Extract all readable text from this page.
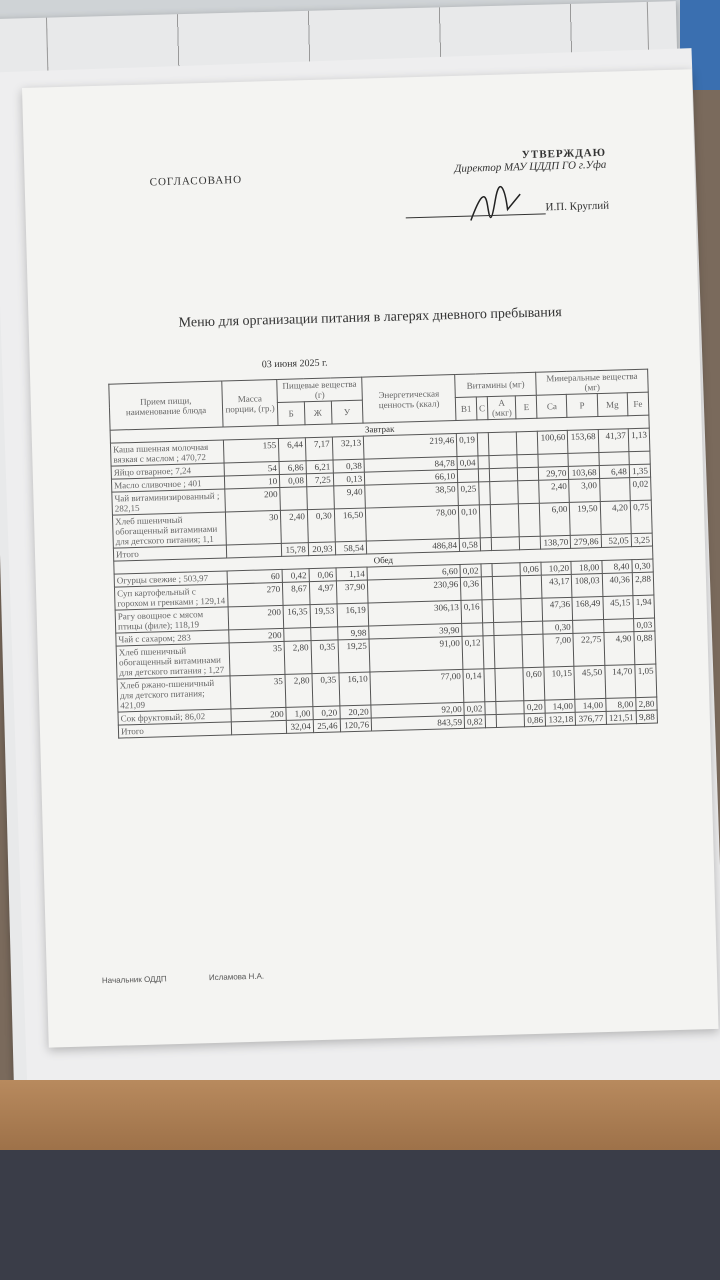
СОГЛАСОВАНО
УТВЕРЖДАЮ
Директор МАУ ЦДДП ГО г.Уфа
И.П. Круглий
Меню для организации питания в лагерях дневного пребывания
03 июня 2025 г.
Прием пищи, наименование блюда	Масса порции, (гр.)	Пищевые вещества (г)			Энергетическая ценность (ккал)	Витамины (мг)				Минеральные вещества (мг)			
		Б	Ж	У		В1	С	А (мкг)	Е	Са	Р	Mg	Fe
Завтрак													
Каша пшенная молочная вязкая с маслом ; 470,72	155	6,44	7,17	32,13	219,46	0,19				100,60	153,68	41,37	1,13
Яйцо отварное; 7,24	54	6,86	6,21	0,38	84,78	0,04							
Масло сливочное ; 401	10	0,08	7,25	0,13	66,10					29,70	103,68	6,48	1,35
Чай витаминизированный ; 282,15	200			9,40	38,50	0,25				2,40	3,00		0,02
Хлеб пшеничный обогащенный витаминами для детского питания; 1,1	30	2,40	0,30	16,50	78,00	0,10				6,00	19,50	4,20	0,75
Итого		15,78	20,93	58,54	486,84	0,58				138,70	279,86	52,05	3,25
Обед													
Огурцы свежие ; 503,97	60	0,42	0,06	1,14	6,60	0,02			0,06	10,20	18,00	8,40	0,30
Суп картофельный с горохом и гренками ; 129,14	270	8,67	4,97	37,90	230,96	0,36				43,17	108,03	40,36	2,88
Рагу овощное с мясом птицы (филе); 118,19	200	16,35	19,53	16,19	306,13	0,16				47,36	168,49	45,15	1,94
Чай с сахаром; 283	200			9,98	39,90					0,30			0,03
Хлеб пшеничный обогащенный витаминами для детского питания ; 1,27	35	2,80	0,35	19,25	91,00	0,12				7,00	22,75	4,90	0,88
Хлеб ржано-пшеничный для детского питания; 421,09	35	2,80	0,35	16,10	77,00	0,14			0,60	10,15	45,50	14,70	1,05
Сок фруктовый; 86,02	200	1,00	0,20	20,20	92,00	0,02			0,20	14,00	14,00	8,00	2,80
Итого		32,04	25,46	120,76	843,59	0,82			0,86	132,18	376,77	121,51	9,88
Начальник ОДДП	Исламова Н.А.
